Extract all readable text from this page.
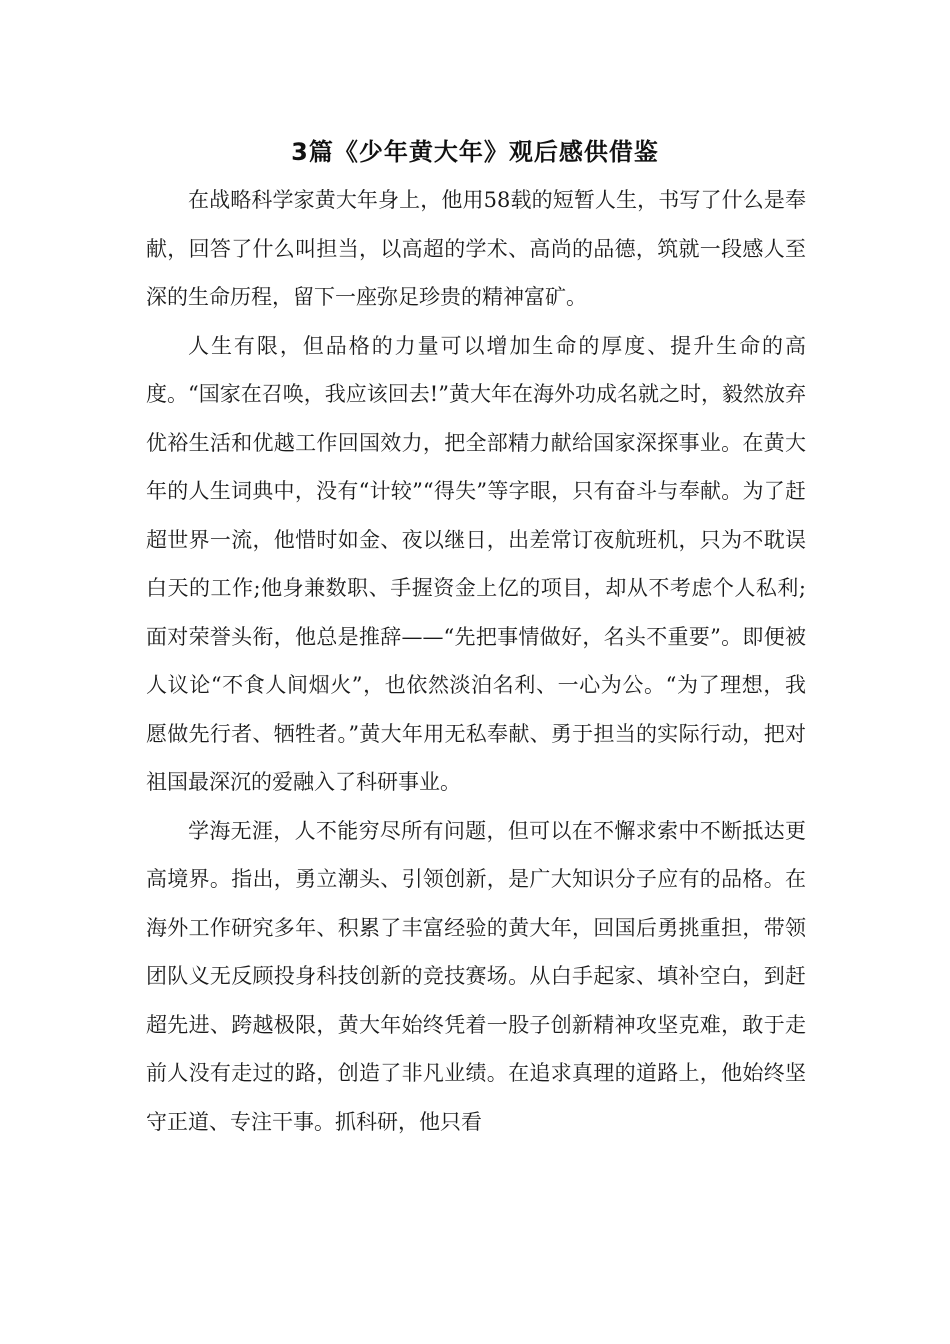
3篇《少年黄大年》观后感供借鉴

在战略科学家黄大年身上，他用58载的短暂人生，书写了什么是奉献，回答了什么叫担当，以高超的学术、高尚的品德，筑就一段感人至深的生命历程，留下一座弥足珍贵的精神富矿。

人生有限，但品格的力量可以增加生命的厚度、提升生命的高度。“国家在召唤，我应该回去!”黄大年在海外功成名就之时，毅然放弃优裕生活和优越工作回国效力，把全部精力献给国家深探事业。在黄大年的人生词典中，没有“计较”“得失”等字眼，只有奋斗与奉献。为了赶超世界一流，他惜时如金、夜以继日，出差常订夜航班机，只为不耽误白天的工作;他身兼数职、手握资金上亿的项目，却从不考虑个人私利;面对荣誉头衔，他总是推辞——“先把事情做好，名头不重要”。即便被人议论“不食人间烟火”，也依然淡泊名利、一心为公。“为了理想，我愿做先行者、牺牲者。”黄大年用无私奉献、勇于担当的实际行动，把对祖国最深沉的爱融入了科研事业。

学海无涯，人不能穷尽所有问题，但可以在不懈求索中不断抵达更高境界。指出，勇立潮头、引领创新，是广大知识分子应有的品格。在海外工作研究多年、积累了丰富经验的黄大年，回国后勇挑重担，带领团队义无反顾投身科技创新的竞技赛场。从白手起家、填补空白，到赶超先进、跨越极限，黄大年始终凭着一股子创新精神攻坚克难，敢于走前人没有走过的路，创造了非凡业绩。在追求真理的道路上，他始终坚守正道、专注干事。抓科研，他只看
